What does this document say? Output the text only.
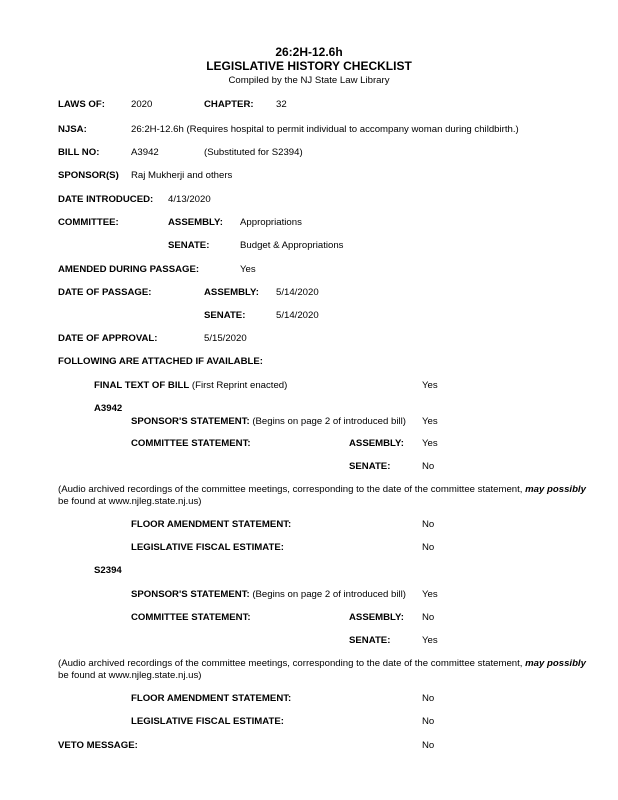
26:2H-12.6h
LEGISLATIVE HISTORY CHECKLIST
Compiled by the NJ State Law Library
LAWS OF:	2020	CHAPTER: 32
NJSA:	26:2H-12.6h (Requires hospital to permit individual to accompany woman during childbirth.)
BILL NO:	A3942	(Substituted for S2394)
SPONSOR(S) Raj Mukherji and others
DATE INTRODUCED: 4/13/2020
COMMITTEE:	ASSEMBLY: Appropriations
SENATE:	Budget & Appropriations
AMENDED DURING PASSAGE:	Yes
DATE OF PASSAGE:	ASSEMBLY: 5/14/2020
SENATE:	5/14/2020
DATE OF APPROVAL:	5/15/2020
FOLLOWING ARE ATTACHED IF AVAILABLE:
FINAL TEXT OF BILL (First Reprint enacted)	Yes
A3942
SPONSOR'S STATEMENT: (Begins on page 2 of introduced bill) Yes
COMMITTEE STATEMENT:	ASSEMBLY: Yes
SENATE:	No
(Audio archived recordings of the committee meetings, corresponding to the date of the committee statement, may possibly be found at www.njleg.state.nj.us)
FLOOR AMENDMENT STATEMENT:	No
LEGISLATIVE FISCAL ESTIMATE:	No
S2394
SPONSOR'S STATEMENT: (Begins on page 2 of introduced bill) Yes
COMMITTEE STATEMENT:	ASSEMBLY: No
SENATE:	Yes
(Audio archived recordings of the committee meetings, corresponding to the date of the committee statement, may possibly be found at www.njleg.state.nj.us)
FLOOR AMENDMENT STATEMENT:	No
LEGISLATIVE FISCAL ESTIMATE:	No
VETO MESSAGE:	No
